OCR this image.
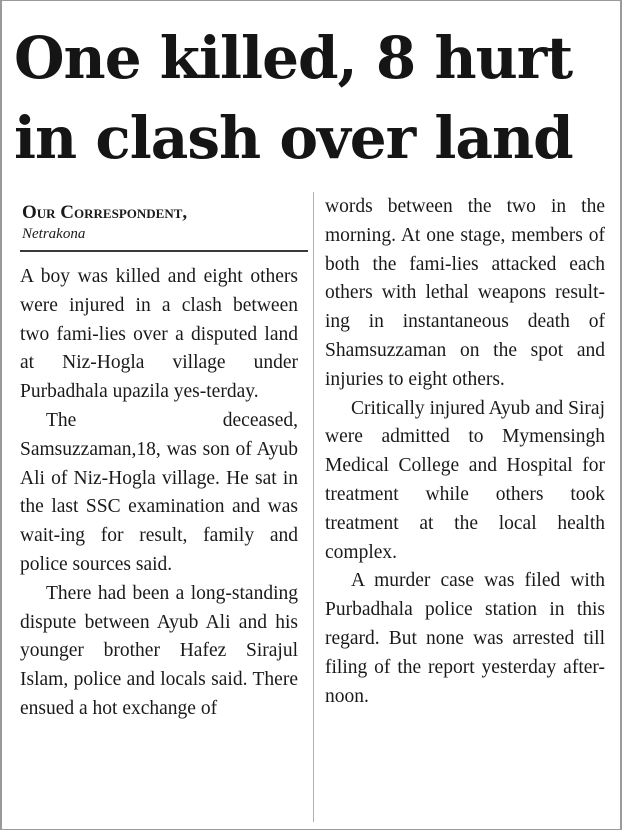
One killed, 8 hurt in clash over land
Our Correspondent,
Netrakona

A boy was killed and eight others were injured in a clash between two fami-lies over a disputed land at Niz-Hogla village under Purbadhala upazila yes-terday.

The deceased, Samsuzzaman,18, was son of Ayub Ali of Niz-Hogla village. He sat in the last SSC examination and was wait-ing for result, family and police sources said.

There had been a long-standing dispute between Ayub Ali and his younger brother Hafez Sirajul Islam, police and locals said. There ensued a hot exchange of

words between the two in the morning. At one stage, members of both the fami-lies attacked each others with lethal weapons result-ing in instantaneous death of Shamsuzzaman on the spot and injuries to eight others.

Critically injured Ayub and Siraj were admitted to Mymensingh Medical College and Hospital for treatment while others took treatment at the local health complex.

A murder case was filed with Purbadhala police station in this regard. But none was arrested till filing of the report yesterday after-noon.
